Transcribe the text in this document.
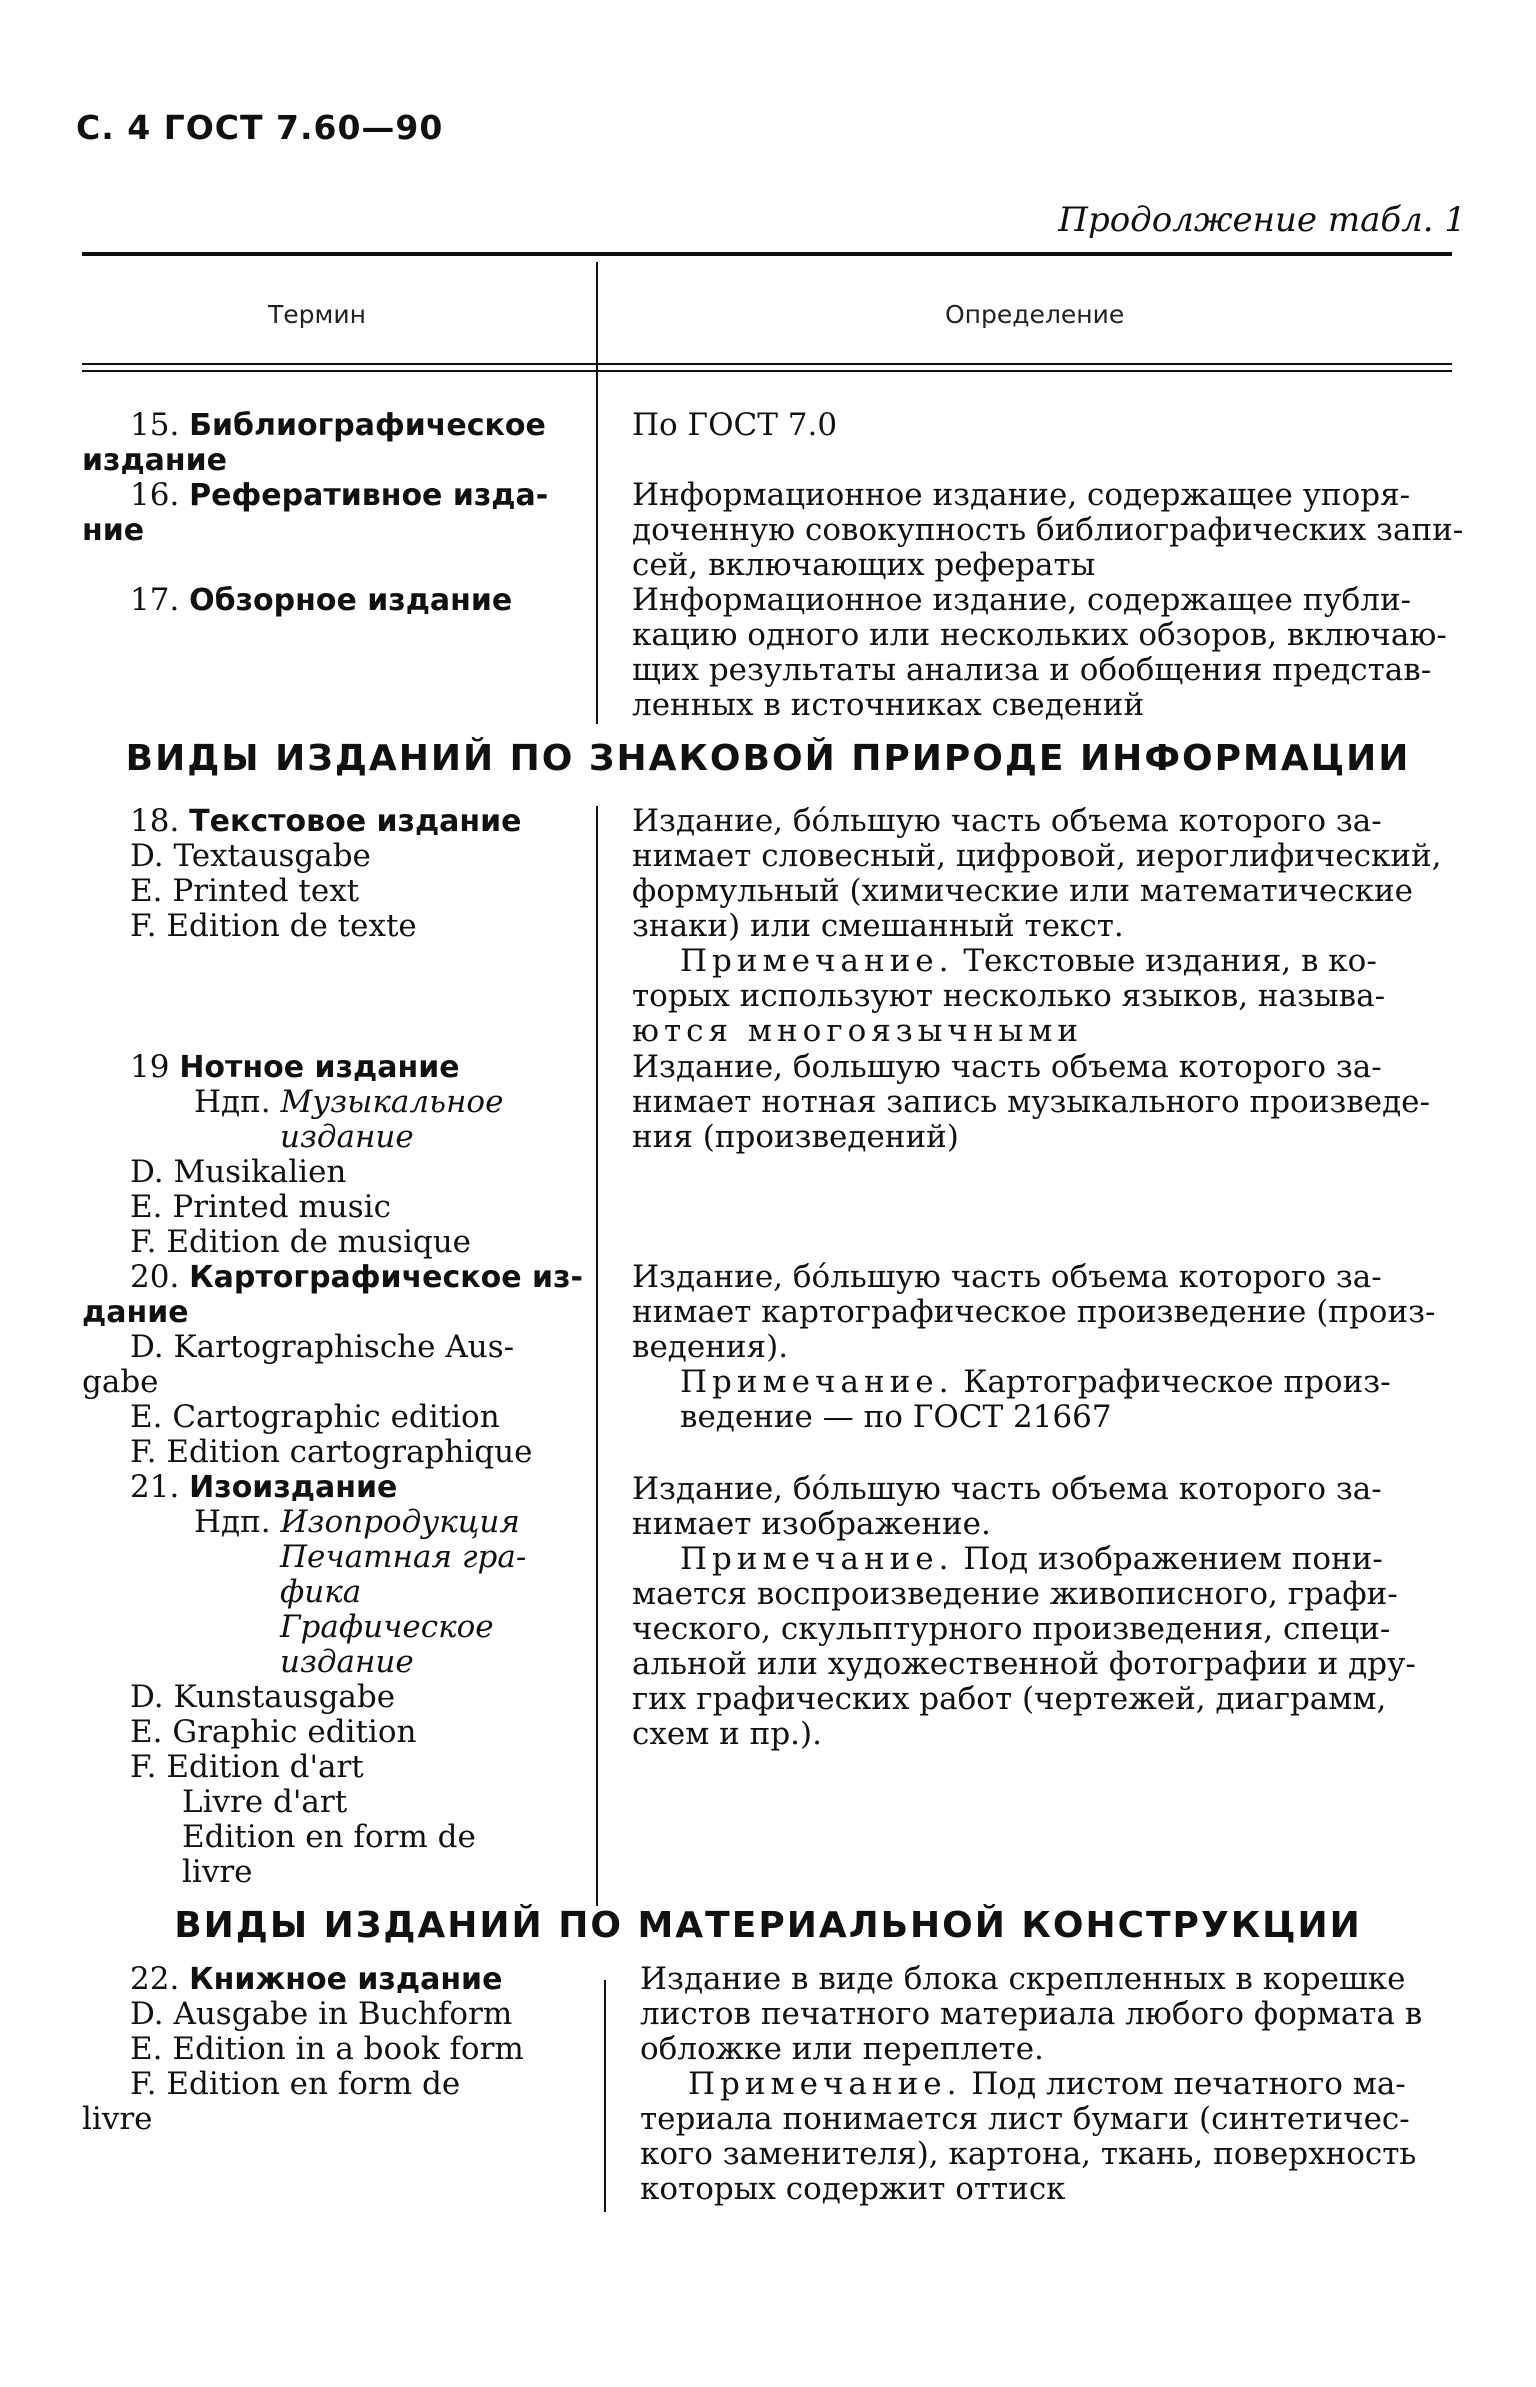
С. 4 ГОСТ 7.60—90
Продолжение табл. 1
Термин	Определение
15. Библиографическое
издание
По ГОСТ 7.0
16. Реферативное изда-
ние
Информационное издание, содержащее упоря-
доченную совокупность библиографических запи-
сей, включающих рефераты
17. Обзорное издание	Информационное издание, содержащее публи-
кацию одного или нескольких обзоров, включаю-
щих результаты анализа и обобщения представ-
ленных в источниках сведений
ВИДЫ ИЗДАНИЙ ПО ЗНАКОВОЙ ПРИРОДЕ ИНФОРМАЦИИ
18. Текстовое издание
D. Textausgabe
E. Printed text
F. Edition de texte
Издание, бóльшую часть объема которого за-
нимает словесный, цифровой, иероглифический,
формульный (химические или математические
знаки) или смешанный текст.
Примечание. Текстовые издания, в ко-
торых используют несколько языков, называ-
ются многоязычными
19 Нотное издание
Ндп. Музыкальное
издание
D. Musikalien
E. Printed music
F. Edition de musique
Издание, большую часть объема которого за-
нимает нотная запись музыкального произведе-
ния (произведений)
20. Картографическое из-
дание
D. Kartographische Aus-
gabe
E. Cartographic edition
F. Edition cartographique
Издание, бóльшую часть объема которого за-
нимает картографическое произведение (произ-
ведения).
Примечание. Картографическое произ-
ведение — по ГОСТ 21667
21. Изоиздание
Ндп. Изопродукция
Печатная гра-
фика
Графическое
издание
D. Kunstausgabe
E. Graphic edition
F. Edition d'art
Livre d'art
Edition en form de
livre
Издание, бóльшую часть объема которого за-
нимает изображение.
Примечание. Под изображением пони-
мается воспроизведение живописного, графи-
ческого, скульптурного произведения, специ-
альной или художественной фотографии и дру-
гих графических работ (чертежей, диаграмм,
схем и пр.).
ВИДЫ ИЗДАНИЙ ПО МАТЕРИАЛЬНОЙ КОНСТРУКЦИИ
22. Книжное издание
D. Ausgabe in Buchform
E. Edition in a book form
F. Edition en form de
livre
Издание в виде блока скрепленных в корешке
листов печатного материала любого формата в
обложке или переплете.
Примечание. Под листом печатного ма-
териала понимается лист бумаги (синтетичес-
кого заменителя), картона, ткань, поверхность
которых содержит оттиск
